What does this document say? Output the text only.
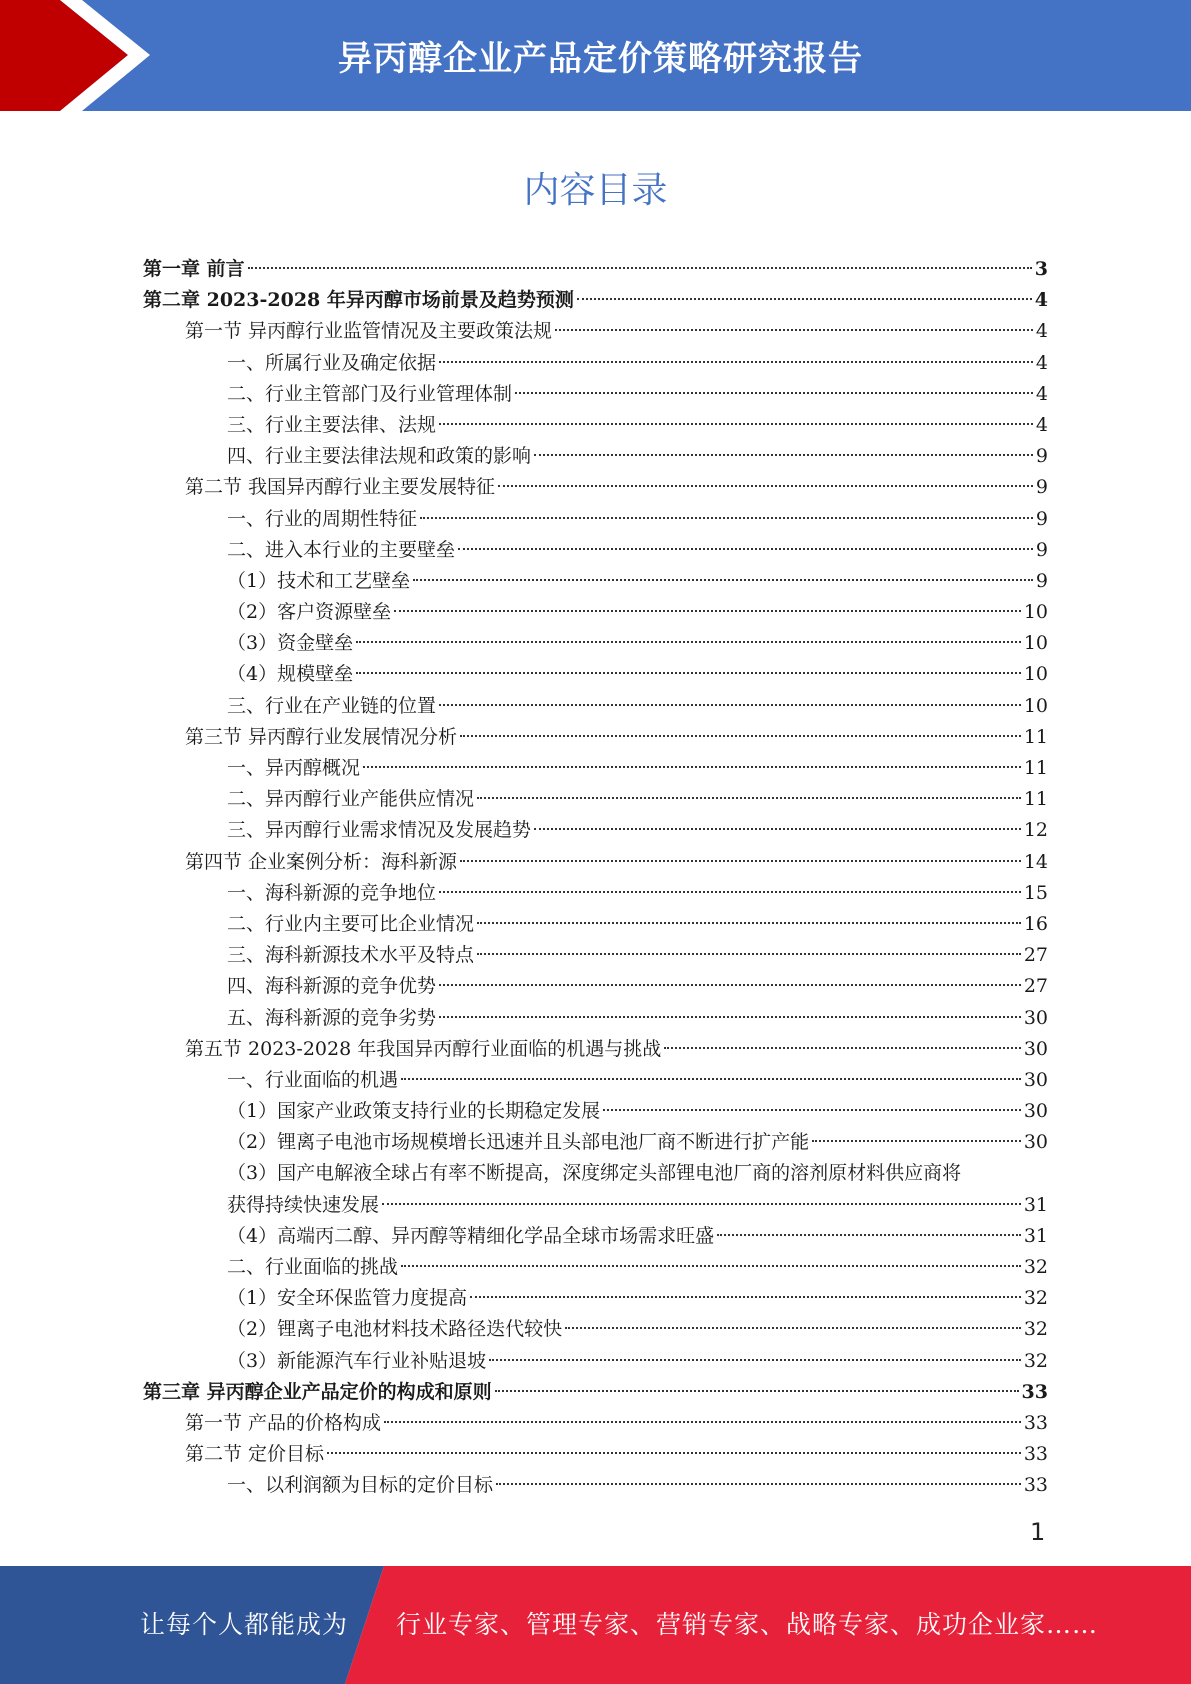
异丙醇企业产品定价策略研究报告
内容目录
第一章 前言	3
第二章 2023-2028 年异丙醇市场前景及趋势预测	4
第一节 异丙醇行业监管情况及主要政策法规	4
一、所属行业及确定依据	4
二、行业主管部门及行业管理体制	4
三、行业主要法律、法规	4
四、行业主要法律法规和政策的影响	9
第二节 我国异丙醇行业主要发展特征	9
一、行业的周期性特征	9
二、进入本行业的主要壁垒	9
（1）技术和工艺壁垒	9
（2）客户资源壁垒	10
（3）资金壁垒	10
（4）规模壁垒	10
三、行业在产业链的位置	10
第三节 异丙醇行业发展情况分析	11
一、异丙醇概况	11
二、异丙醇行业产能供应情况	11
三、异丙醇行业需求情况及发展趋势	12
第四节 企业案例分析：海科新源	14
一、海科新源的竞争地位	15
二、行业内主要可比企业情况	16
三、海科新源技术水平及特点	27
四、海科新源的竞争优势	27
五、海科新源的竞争劣势	30
第五节 2023-2028 年我国异丙醇行业面临的机遇与挑战	30
一、行业面临的机遇	30
（1）国家产业政策支持行业的长期稳定发展	30
（2）锂离子电池市场规模增长迅速并且头部电池厂商不断进行扩产能	30
（3）国产电解液全球占有率不断提高，深度绑定头部锂电池厂商的溶剂原材料供应商将
获得持续快速发展	31
（4）高端丙二醇、异丙醇等精细化学品全球市场需求旺盛	31
二、行业面临的挑战	32
（1）安全环保监管力度提高	32
（2）锂离子电池材料技术路径迭代较快	32
（3）新能源汽车行业补贴退坡	32
第三章 异丙醇企业产品定价的构成和原则	33
第一节 产品的价格构成	33
第二节 定价目标	33
一、以利润额为目标的定价目标	33
1
让每个人都能成为 行业专家、管理专家、营销专家、战略专家、成功企业家……
